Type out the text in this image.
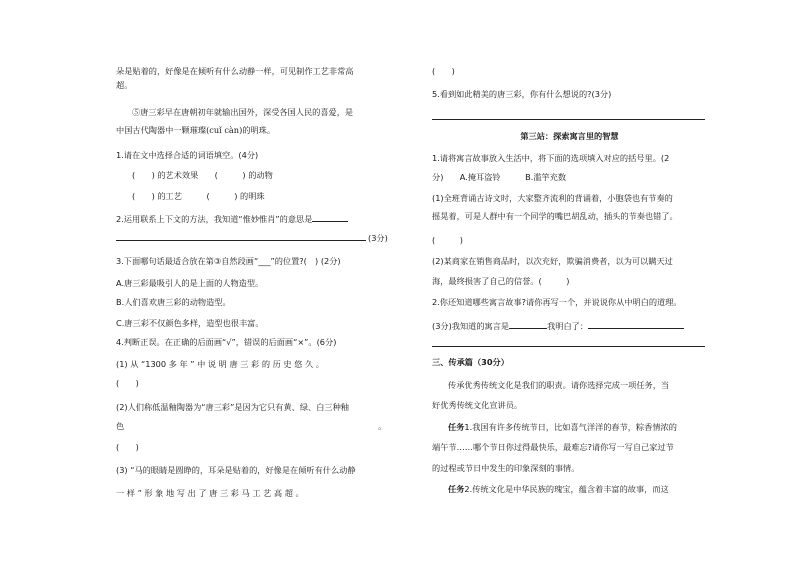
朵是贴着的，好像是在倾听有什么动静一样，可见制作工艺非常高
超。
⑤唐三彩早在唐朝初年就输出国外，深受各国人民的喜爱，是
中国古代陶器中一颗璀璨(cuǐ càn)的明珠。
1.请在文中选择合适的词语填空。(4分)
(　　) 的艺术效果　　(　　　) 的动物
(　　) 的工艺　　　(　　　) 的明珠
2.运用联系上下文的方法，我知道“惟妙惟肖”的意思是
(3分)
3.下面哪句话最适合放在第③自然段画“___”的位置?(　) (2分)
A.唐三彩最吸引人的是上面的人物造型。
B.人们喜欢唐三彩的动物造型。
C.唐三彩不仅颜色多样，造型也很丰富。
4.判断正误。在正确的后面画“√”，错误的后面画“×”。(6分)
(1) 从 “1300 多 年 ” 中 说 明 唐 三 彩 的 历 史 悠 久 。
(　　)
(2)人们称低温釉陶器为“唐三彩”是因为它只有黄、绿、白三种釉
色	。
(　　)
(3) “马的眼睛是圆睁的，耳朵是贴着的，好像是在倾听有什么动静
一 样 ” 形 象 地 写 出 了 唐 三 彩 马 工 艺 高 超 。
(　　)
5.看到如此精美的唐三彩，你有什么想说的?(3分)
第三站：探索寓言里的智慧
1.请将寓言故事放入生活中，将下面的选项填入对应的括号里。(2
分)　　A.掩耳盗铃　　　B.滥竽充数
(1)全班背诵古诗文时，大家整齐流利的背诵着，小胞袋也有节奏的
摇晃着，可是人群中有一个同学的嘴巴胡乱动，插头的节奏也错了。
(　　　)
(2)某商家在销售商品时，以次充好，欺骗消费者，以为可以瞒天过
海，最终损害了自己的信誉。(　　　)
2.你还知道哪些寓言故事?请你再写一个，并说说你从中明白的道理。
(3分)我知道的寓言是	我明白了：
三、传承篇（30分）
传承优秀传统文化是我们的职责。请你选择完成一项任务，当
好优秀传统文化宣讲员。
任务1.我国有许多传统节日，比如喜气洋洋的春节，粽香情浓的
端午节……哪个节日你过得最快乐，最难忘?请你写一写自己家过节
的过程或节日中发生的印象深刻的事情。
任务2.传统文化是中华民族的瑰宝，蕴含着丰富的故事，而这
